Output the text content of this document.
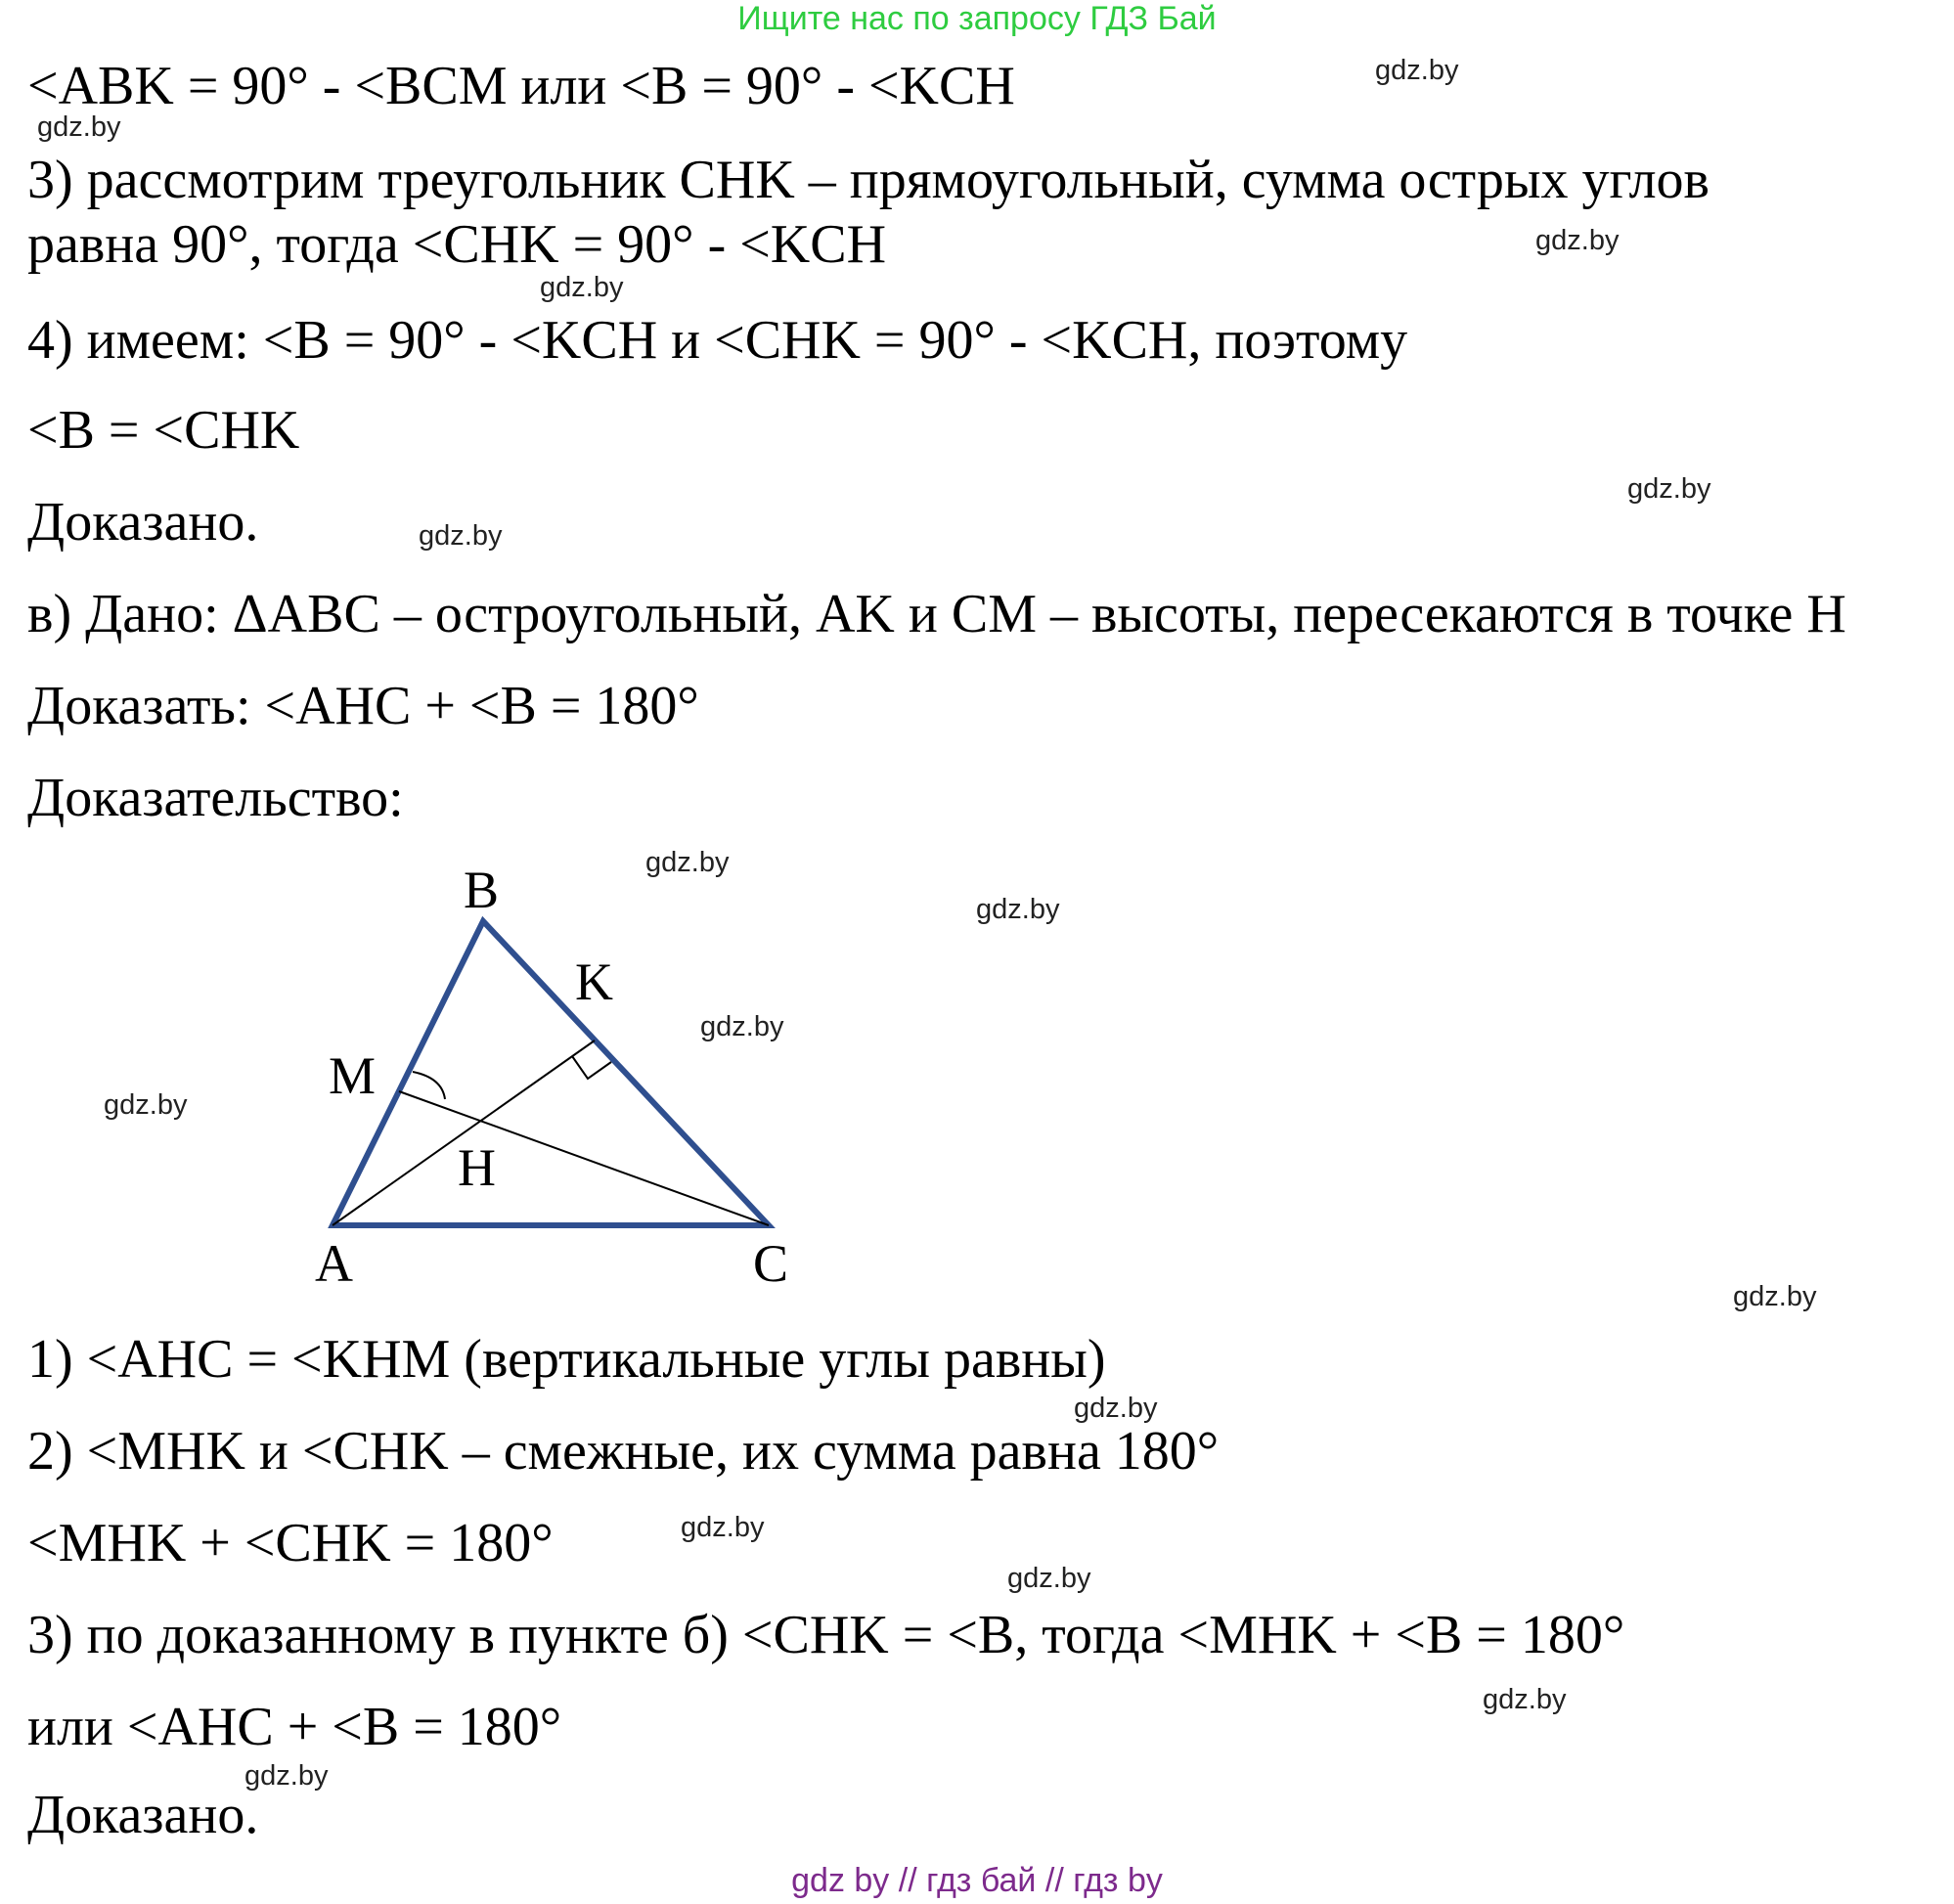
Ищите нас по запросу ГДЗ Бай
<ABK = 90° - <BCM или <B = 90° - <KCH
3) рассмотрим треугольник CHK – прямоугольный, сумма острых углов
равна 90°, тогда <CHK = 90° - <KCH
4) имеем: <B = 90° - <KCH и <CHK = 90° - <KCH, поэтому
<B = <CHK
Доказано.
в) Дано: ΔABC – остроугольный, AK и CM – высоты, пересекаются в точке H
Доказать: <AHC + <B = 180°
Доказательство:
1) <AHC = <KHM (вертикальные углы равны)
2) <MHK и <CHK – смежные, их сумма равна 180°
<MHK + <CHK = 180°
3) по доказанному в пункте б) <CHK = <B, тогда <MHK + <B = 180°
или <AHC + <B = 180°
Доказано.
gdz.by
gdz.by
gdz.by
gdz.by
gdz.by
gdz.by
gdz.by
gdz.by
gdz.by
gdz.by
gdz.by
gdz.by
gdz.by
gdz.by
gdz.by
gdz.by
B
K
M
H
A	C
gdz by // гдз бай // гдз by
